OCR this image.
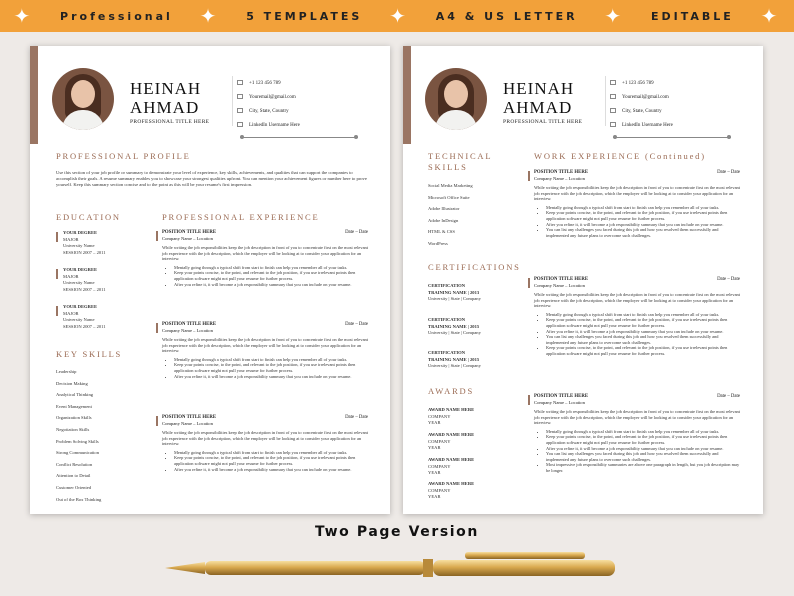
✦ Professional ✦ 5 TEMPLATES ✦ A4 & US LETTER ✦ EDITABLE ✦
HEINAH
AHMAD
PROFESSIONAL TITLE HERE
+1 123 456 789
Youremail@gmail.com
City, State, Country
LinkedIn Username Here
PROFESSIONAL PROFILE
Use this section of your job profile or summary to demonstrate your level of experience, key skills, achievements, and qualities that can support the companies to accomplish their goals. A resume summary enables you to showcase your strongest qualities upfront. You can mention your achievement figures or number here to prove yourself. Keep this summary section concise and to the point as this will be your resume's first impression.
EDUCATION
YOUR DEGREE
MAJOR
University Name
SESSION 2007 – 2011
YOUR DEGREE
MAJOR
University Name
SESSION 2007 – 2011
YOUR DEGREE
MAJOR
University Name
SESSION 2007 – 2011
KEY SKILLS
Leadership
Decision Making
Analytical Thinking
Event Management
Organization Skills
Negotiation Skills
Problem Solving Skills
Strong Communication
Conflict Resolution
Attention to Detail
Customer Oriented
Out of the Box Thinking
PROFESSIONAL EXPERIENCE
POSITION TITLE HERE	Date – Date
Company Name – Location
While writing the job responsibilities keep the job description in front of you to concentrate first on the most relevant job experience with the job description, which the employer will be looking at to consider your application for an interview.
• Mentally going through a typical shift from start to finish can help you remember all of your tasks.
• Keep your points concise, to the point, and relevant to the job position, if you use irrelevant points then application software might not pull your resume for further process.
• After you refine it, it will become a job responsibility summary that you can include on your resume.
POSITION TITLE HERE	Date – Date
Company Name – Location
While writing the job responsibilities keep the job description in front of you to concentrate first on the most relevant job experience with the job description, which the employer will be looking at to consider your application for an interview.
• Mentally going through a typical shift from start to finish can help you remember all of your tasks.
• Keep your points concise, to the point, and relevant to the job position, if you use irrelevant points then application software might not pull your resume for further process.
• After you refine it, it will become a job responsibility summary that you can include on your resume.
POSITION TITLE HERE	Date – Date
Company Name – Location
While writing the job responsibilities keep the job description in front of you to concentrate first on the most relevant job experience with the job description, which the employer will be looking at to consider your application for an interview.
• Mentally going through a typical shift from start to finish can help you remember all of your tasks.
• Keep your points concise, to the point, and relevant to the job position, if you use irrelevant points then application software might not pull your resume for further process.
• After you refine it, it will become a job responsibility summary that you can include on your resume.
HEINAH
AHMAD
PROFESSIONAL TITLE HERE
+1 123 456 789
Youremail@gmail.com
City, State, Country
LinkedIn Username Here
TECHNICAL SKILLS
Social Media Marketing
Microsoft Office Suite
Adobe Illustrator
Adobe InDesign
HTML & CSS
WordPress
CERTIFICATIONS
CERTIFICATION
TRAINING NAME | 2013
University | State | Company
CERTIFICATION
TRAINING NAME | 2015
University | State | Company
CERTIFICATION
TRAINING NAME | 2015
University | State | Company
AWARDS
AWARD NAME HERE
COMPANY
YEAR
AWARD NAME HERE
COMPANY
YEAR
AWARD NAME HERE
COMPANY
YEAR
AWARD NAME HERE
COMPANY
YEAR
WORK EXPERIENCE (Continued)
POSITION TITLE HERE	Date – Date
Company Name – Location
While writing the job responsibilities keep the job description in front of you to concentrate first on the most relevant job experience with the job description, which the employer will be looking at to consider your application for an interview.
• Mentally going through a typical shift from start to finish can help you remember all of your tasks.
• Keep your points concise, to the point, and relevant to the job position, if you use irrelevant points then application software might not pull your resume for further process.
• After you refine it, it will become a job responsibility summary that you can include on your resume.
• You can list any challenges you faced during this job and how you resolved them successfully and implemented any future plans to overcome such challenges.
POSITION TITLE HERE	Date – Date
Company Name – Location
While writing the job responsibilities keep the job description in front of you to concentrate first on the most relevant job experience with the job description, which the employer will be looking at to consider your application for an interview.
• Mentally going through a typical shift from start to finish can help you remember all of your tasks.
• Keep your points concise, to the point, and relevant to the job position, if you use irrelevant points then application software might not pull your resume for further process.
• After you refine it, it will become a job responsibility summary that you can include on your resume.
• You can list any challenges you faced during this job and how you resolved them successfully and implemented any future plans to overcome such challenges.
• Keep your points concise, to the point, and relevant to the job position, if you use irrelevant points then application software might not pull your resume for further process.
POSITION TITLE HERE	Date – Date
Company Name – Location
While writing the job responsibilities keep the job description in front of you to concentrate first on the most relevant job experience with the job description, which the employer will be looking at to consider your application for an interview.
• Mentally going through a typical shift from start to finish can help you remember all of your tasks.
• Keep your points concise, to the point, and relevant to the job position, if you use irrelevant points then application software might not pull your resume for further process.
• After you refine it, it will become a job responsibility summary that you can include on your resume.
• You can list any challenges you faced during this job and how you resolved them successfully and implemented any future plans to overcome such challenges.
• Most impressive job responsibility summaries are above one paragraph in length, but you job description may be longer.
Two Page Version
